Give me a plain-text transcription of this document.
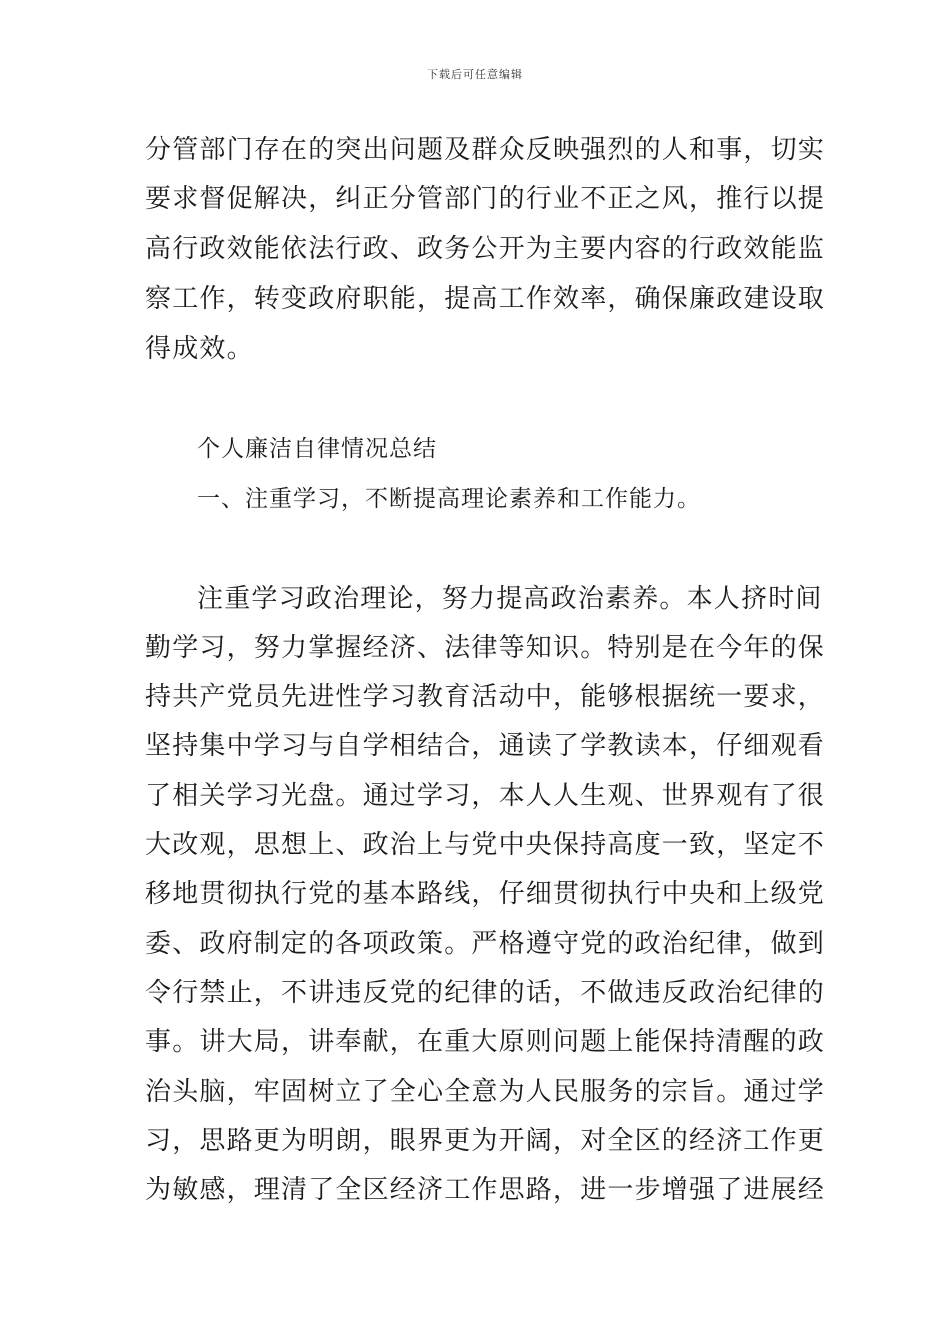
下载后可任意编辑
分管部门存在的突出问题及群众反映强烈的人和事，切实
要求督促解决，纠正分管部门的行业不正之风，推行以提
高行政效能依法行政、政务公开为主要内容的行政效能监
察工作，转变政府职能，提高工作效率，确保廉政建设取
得成效。
个人廉洁自律情况总结
一、注重学习，不断提高理论素养和工作能力。
注重学习政治理论，努力提高政治素养。本人挤时间
勤学习，努力掌握经济、法律等知识。特别是在今年的保
持共产党员先进性学习教育活动中，能够根据统一要求，
坚持集中学习与自学相结合，通读了学教读本，仔细观看
了相关学习光盘。通过学习，本人人生观、世界观有了很
大改观，思想上、政治上与党中央保持高度一致，坚定不
移地贯彻执行党的基本路线，仔细贯彻执行中央和上级党
委、政府制定的各项政策。严格遵守党的政治纪律，做到
令行禁止，不讲违反党的纪律的话，不做违反政治纪律的
事。讲大局，讲奉献，在重大原则问题上能保持清醒的政
治头脑，牢固树立了全心全意为人民服务的宗旨。通过学
习，思路更为明朗，眼界更为开阔，对全区的经济工作更
为敏感，理清了全区经济工作思路，进一步增强了进展经
